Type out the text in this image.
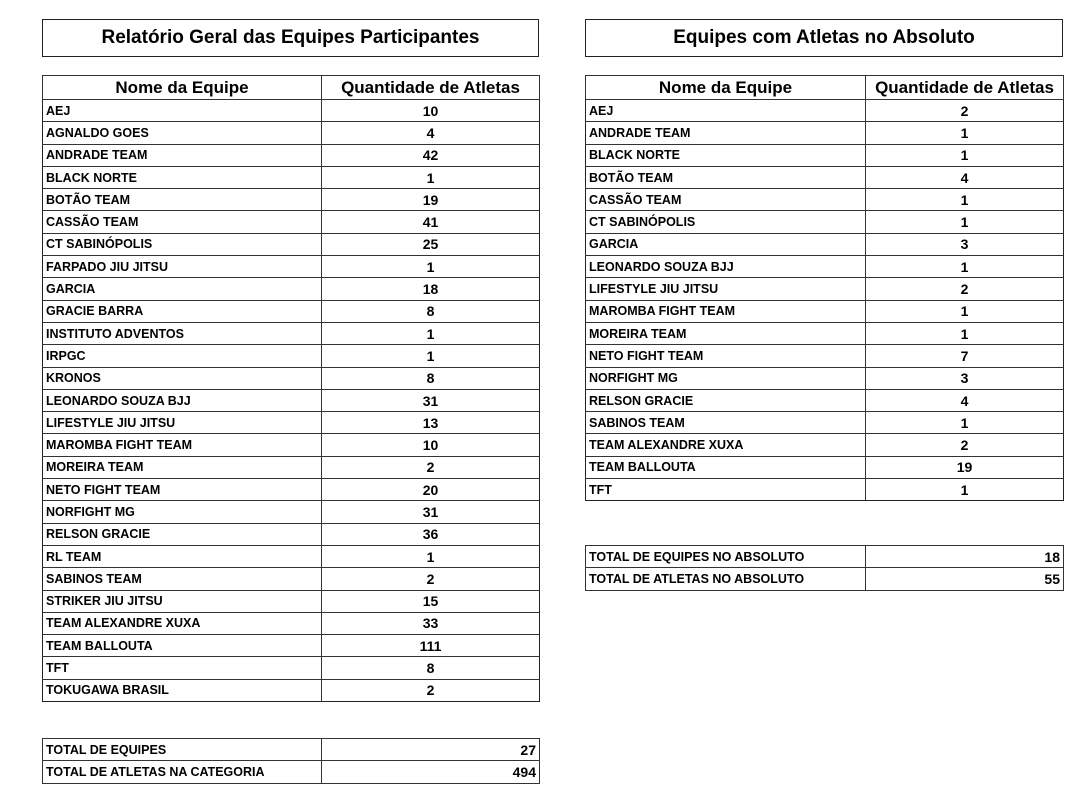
Relatório Geral das Equipes Participantes
Nome da Equipe	Quantidade de Atletas
AEJ	10
AGNALDO GOES	4
ANDRADE TEAM	42
BLACK NORTE	1
BOTÃO TEAM	19
CASSÃO TEAM	41
CT SABINÓPOLIS	25
FARPADO JIU JITSU	1
GARCIA	18
GRACIE BARRA	8
INSTITUTO ADVENTOS	1
IRPGC	1
KRONOS	8
LEONARDO SOUZA BJJ	31
LIFESTYLE JIU JITSU	13
MAROMBA FIGHT TEAM	10
MOREIRA TEAM	2
NETO FIGHT TEAM	20
NORFIGHT MG	31
RELSON GRACIE	36
RL TEAM	1
SABINOS TEAM	2
STRIKER JIU JITSU	15
TEAM ALEXANDRE XUXA	33
TEAM BALLOUTA	111
TFT	8
TOKUGAWA BRASIL	2
TOTAL DE EQUIPES	27
TOTAL DE ATLETAS NA CATEGORIA	494
Equipes com Atletas no Absoluto
Nome da Equipe	Quantidade de Atletas
AEJ	2
ANDRADE TEAM	1
BLACK NORTE	1
BOTÃO TEAM	4
CASSÃO TEAM	1
CT SABINÓPOLIS	1
GARCIA	3
LEONARDO SOUZA BJJ	1
LIFESTYLE JIU JITSU	2
MAROMBA FIGHT TEAM	1
MOREIRA TEAM	1
NETO FIGHT TEAM	7
NORFIGHT MG	3
RELSON GRACIE	4
SABINOS TEAM	1
TEAM ALEXANDRE XUXA	2
TEAM BALLOUTA	19
TFT	1
TOTAL DE EQUIPES NO ABSOLUTO	18
TOTAL DE ATLETAS NO ABSOLUTO	55
